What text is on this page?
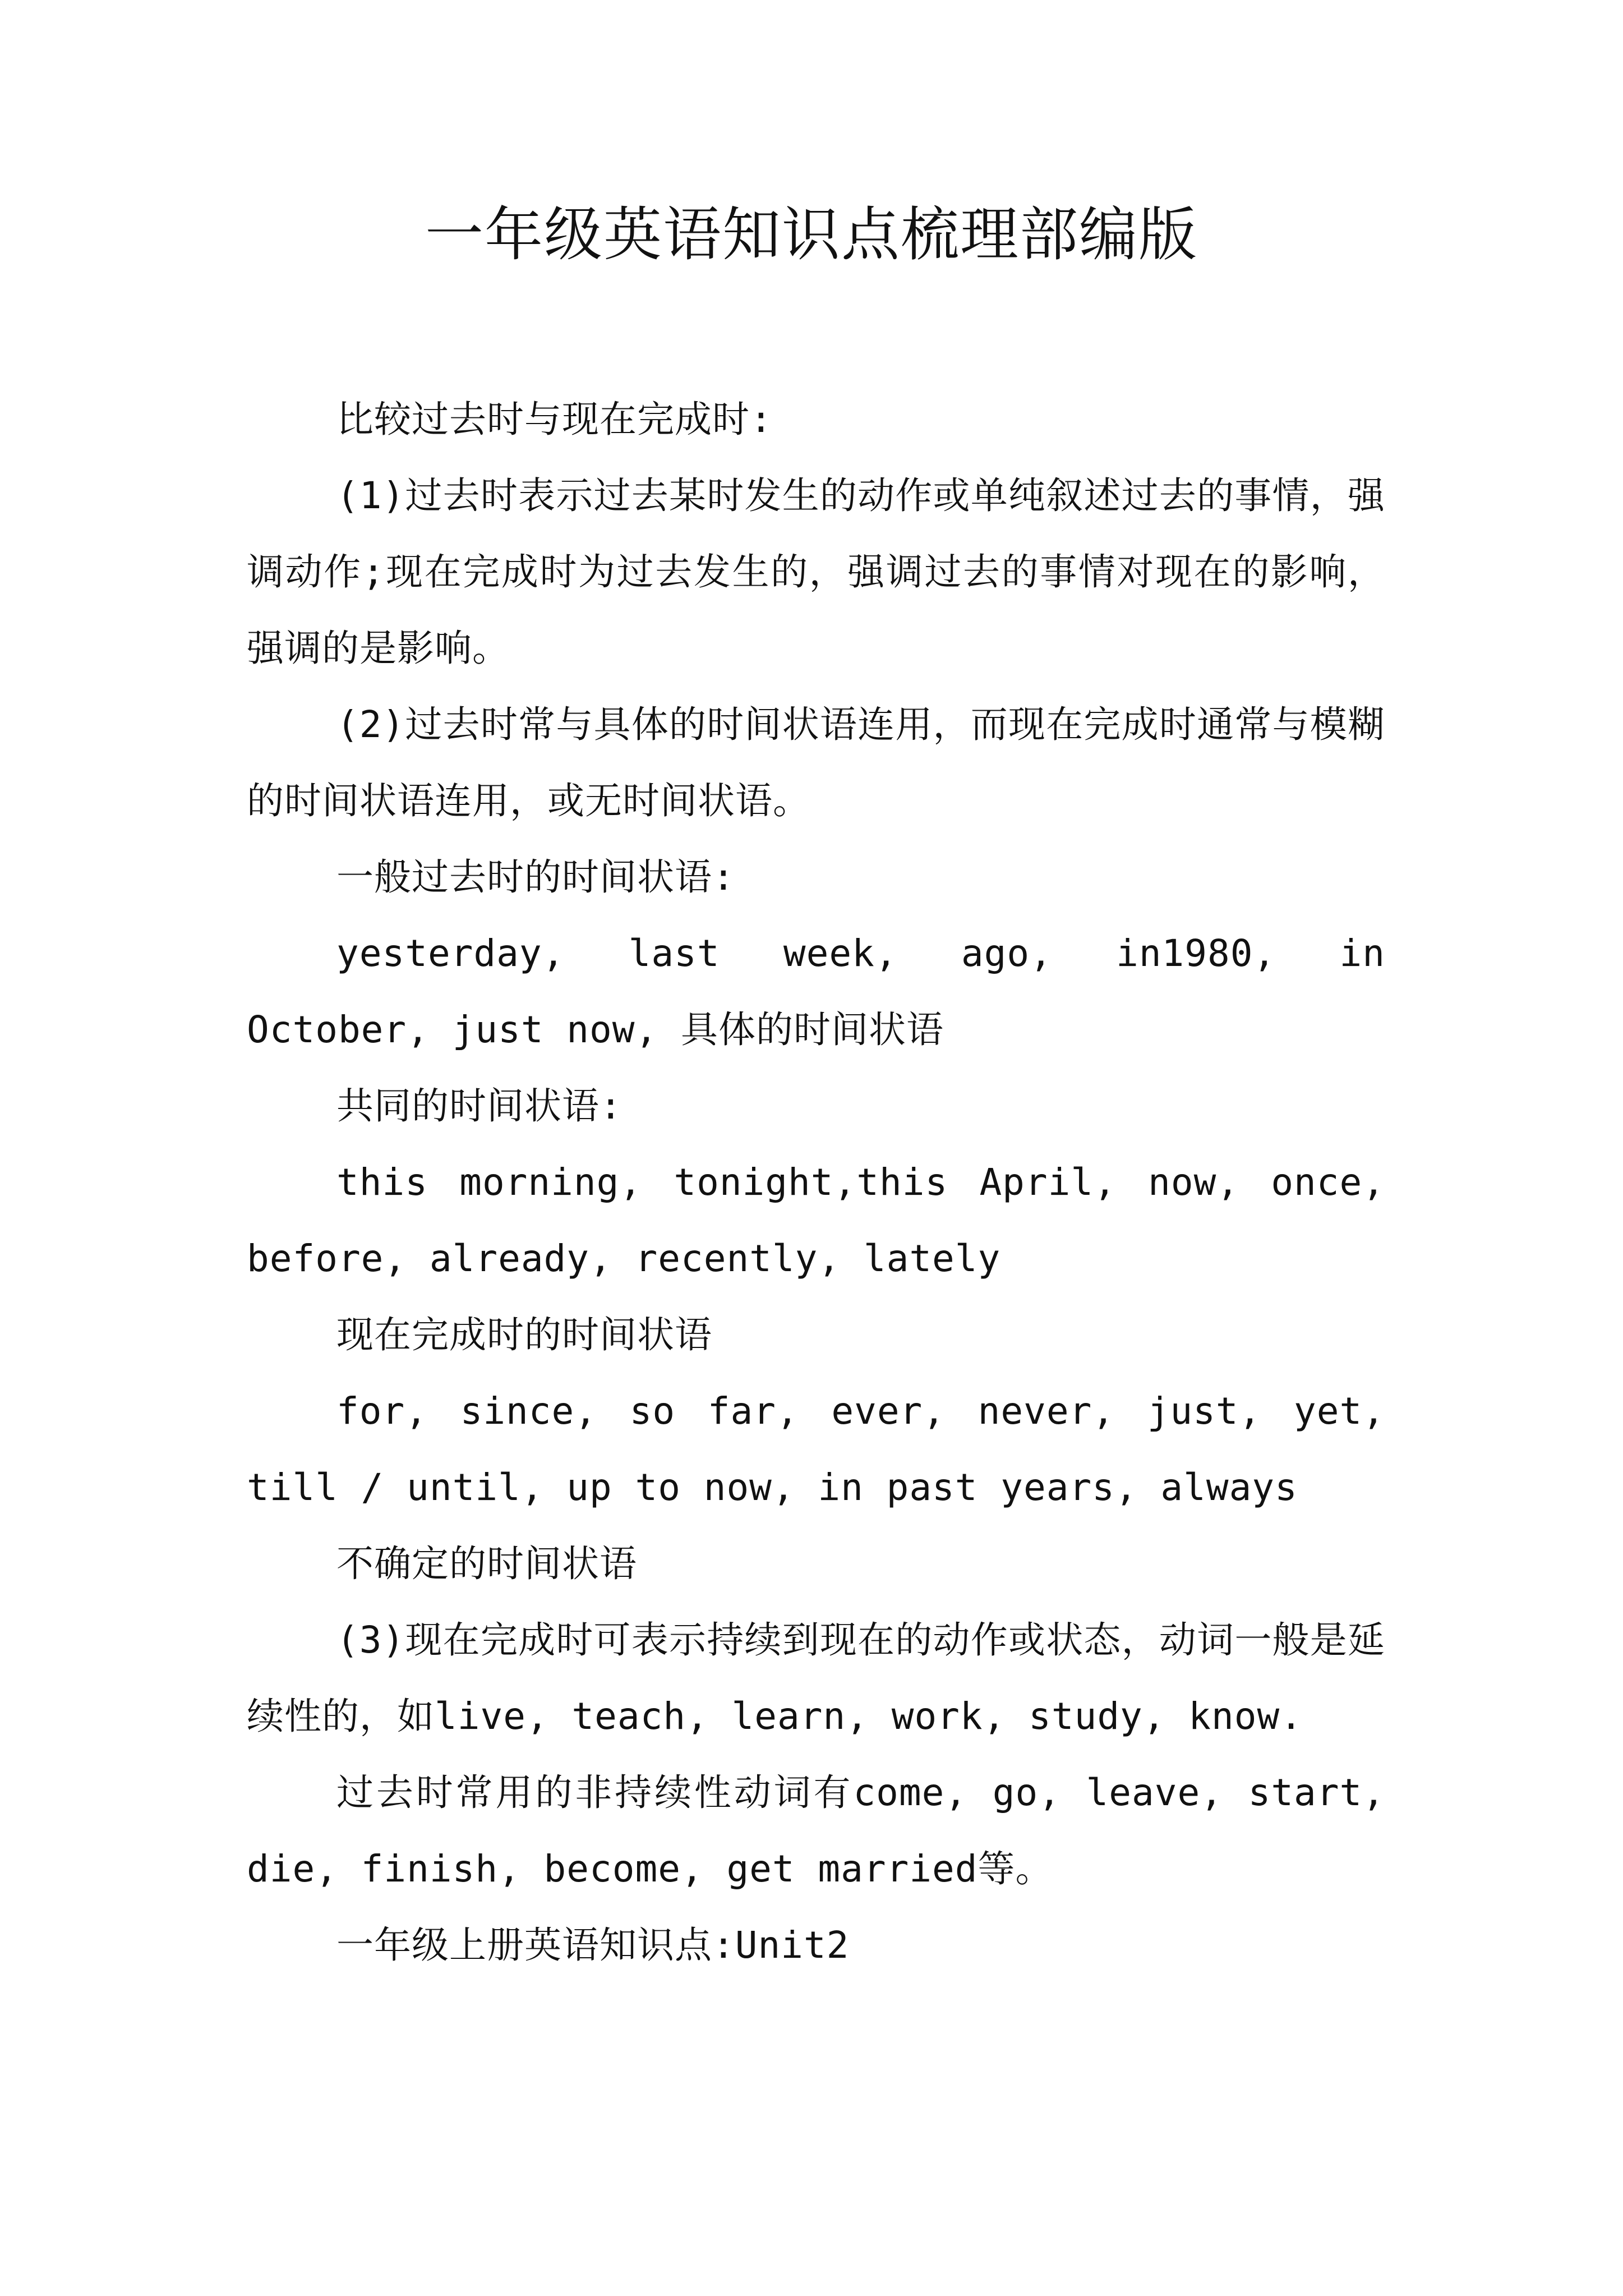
一年级英语知识点梳理部编版

比较过去时与现在完成时:

(1)过去时表示过去某时发生的动作或单纯叙述过去的事情，强调动作;现在完成时为过去发生的，强调过去的事情对现在的影响，强调的是影响。

(2)过去时常与具体的时间状语连用，而现在完成时通常与模糊的时间状语连用，或无时间状语。

一般过去时的时间状语:

yesterday, last week, ago, in1980, in October, just now, 具体的时间状语

共同的时间状语:

this morning, tonight,this April, now, once, before, already, recently, lately

现在完成时的时间状语

for, since, so far, ever, never, just, yet, till / until, up to now, in past years, always

不确定的时间状语

(3)现在完成时可表示持续到现在的动作或状态，动词一般是延续性的，如live, teach, learn, work, study, know.

过去时常用的非持续性动词有come, go, leave, start, die, finish, become, get married等。

一年级上册英语知识点:Unit2
